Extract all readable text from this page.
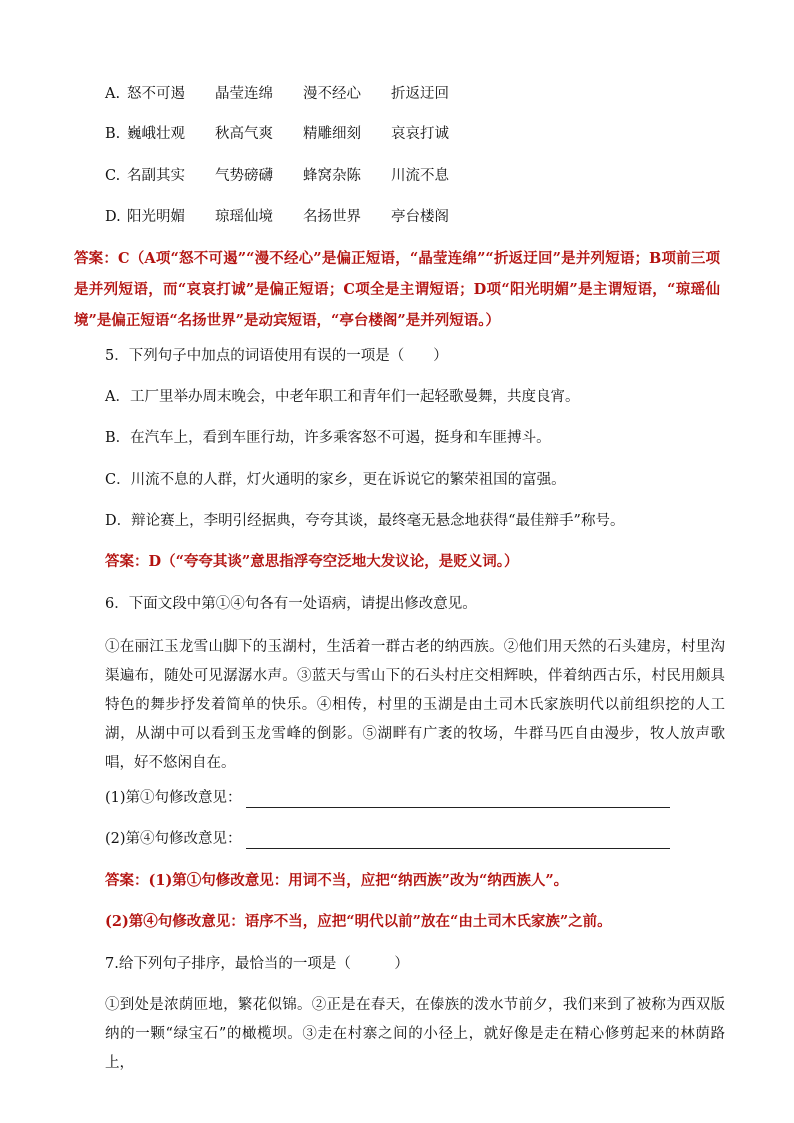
A. 怒不可遏	晶莹连绵	漫不经心	折返迂回
B. 巍峨壮观	秋高气爽	精雕细刻	哀哀打诚
C. 名副其实	气势磅礴	蜂窝杂陈	川流不息
D. 阳光明媚	琼瑶仙境	名扬世界	亭台楼阁
答案：C（A项“怒不可遏”“漫不经心”是偏正短语，“晶莹连绵”“折返迂回”是并列短语；B项前三项是并列短语，而“哀哀打诚”是偏正短语；C项全是主谓短语；D项“阳光明媚”是主谓短语，“琼瑶仙境”是偏正短语“名扬世界”是动宾短语，“亭台楼阁”是并列短语。）
5．下列句子中加点的词语使用有误的一项是（　　）
A．工厂里举办周末晚会，中老年职工和青年们一起轻歌曼舞，共度良宵。
B．在汽车上，看到车匪行劫，许多乘客怒不可遏，挺身和车匪搏斗。
C．川流不息的人群，灯火通明的家乡，更在诉说它的繁荣祖国的富强。
D．辩论赛上，李明引经据典，夸夸其谈，最终毫无悬念地获得“最佳辩手”称号。
答案：D（“夸夸其谈”意思指浮夸空泛地大发议论，是贬义词。）
6．下面文段中第①④句各有一处语病，请提出修改意见。
①在丽江玉龙雪山脚下的玉湖村，生活着一群古老的纳西族。②他们用天然的石头建房，村里沟渠遍布，随处可见潺潺水声。③蓝天与雪山下的石头村庄交相辉映，伴着纳西古乐，村民用颇具特色的舞步抒发着简单的快乐。④相传，村里的玉湖是由土司木氏家族明代以前组织挖的人工湖，从湖中可以看到玉龙雪峰的倒影。⑤湖畔有广袤的牧场，牛群马匹自由漫步，牧人放声歌唱，好不悠闲自在。
(1)第①句修改意见：
(2)第④句修改意见：
答案：(1)第①句修改意见：用词不当，应把“纳西族”改为“纳西族人”。
(2)第④句修改意见：语序不当，应把“明代以前”放在“由土司木氏家族”之前。
7.给下列句子排序，最恰当的一项是（　　　）
①到处是浓荫匝地，繁花似锦。②正是在春天，在傣族的泼水节前夕，我们来到了被称为西双版纳的一颗“绿宝石”的橄榄坝。③走在村寨之间的小径上，就好像是走在精心修剪起来的林荫路上，
